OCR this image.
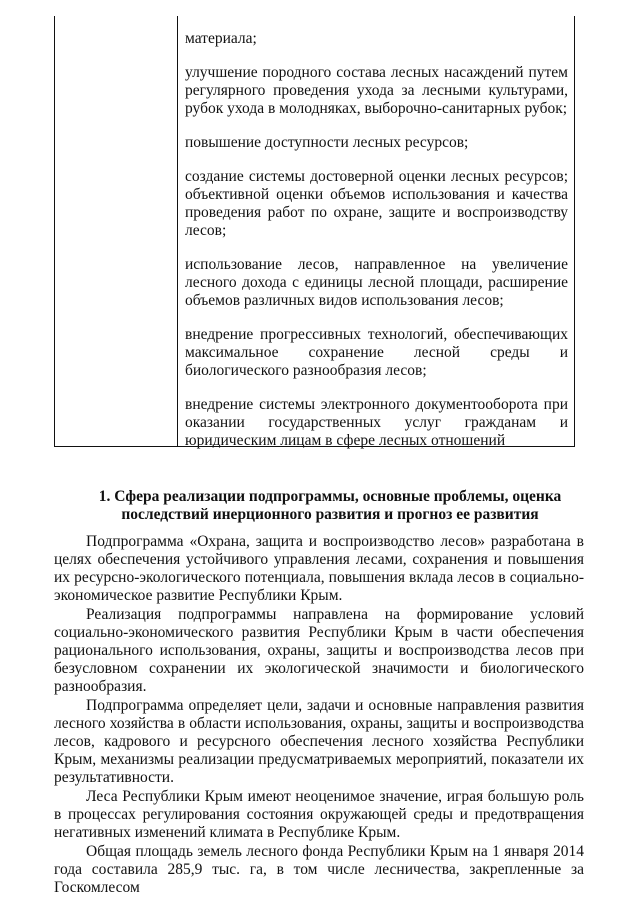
материала;

улучшение породного состава лесных насаждений путем регулярного проведения ухода за лесными культурами, рубок ухода в молодняках, выборочно-санитарных рубок;

повышение доступности лесных ресурсов;

создание системы достоверной оценки лесных ресурсов; объективной оценки объемов использования и качества проведения работ по охране, защите и воспроизводству лесов;

использование лесов, направленное на увеличение лесного дохода с единицы лесной площади, расширение объемов различных видов использования лесов;

внедрение прогрессивных технологий, обеспечивающих максимальное сохранение лесной среды и биологического разнообразия лесов;

внедрение системы электронного документооборота при оказании государственных услуг гражданам и юридическим лицам в сфере лесных отношений

1. Сфера реализации подпрограммы, основные проблемы, оценка последствий инерционного развития и прогноз ее развития

Подпрограмма «Охрана, защита и воспроизводство лесов» разработана в целях обеспечения устойчивого управления лесами, сохранения и повышения их ресурсно-экологического потенциала, повышения вклада лесов в социально-экономическое развитие Республики Крым.

Реализация подпрограммы направлена на формирование условий социально-экономического развития Республики Крым в части обеспечения рационального использования, охраны, защиты и воспроизводства лесов при безусловном сохранении их экологической значимости и биологического разнообразия.

Подпрограмма определяет цели, задачи и основные направления развития лесного хозяйства в области использования, охраны, защиты и воспроизводства лесов, кадрового и ресурсного обеспечения лесного хозяйства Республики Крым, механизмы реализации предусматриваемых мероприятий, показатели их результативности.

Леса Республики Крым имеют неоценимое значение, играя большую роль в процессах регулирования состояния окружающей среды и предотвращения негативных изменений климата в Республике Крым.

Общая площадь земель лесного фонда Республики Крым на 1 января 2014 года составила 285,9 тыс. га, в том числе лесничества, закрепленные за Госкомлесом
